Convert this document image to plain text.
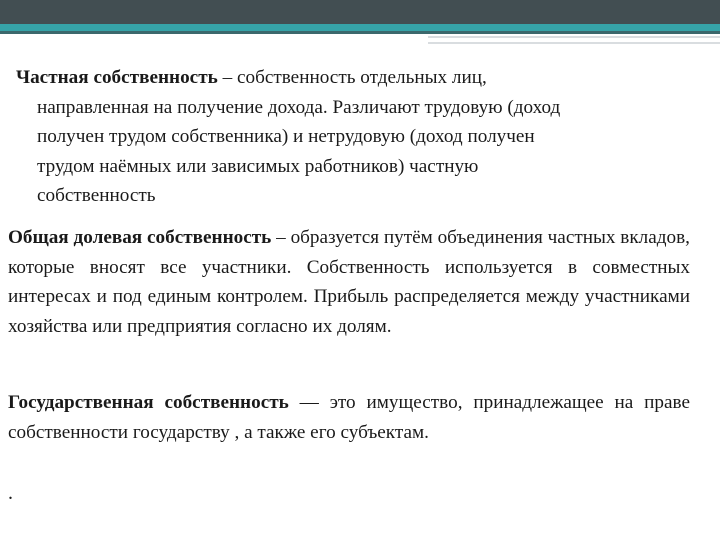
Частная собственность – собственность отдельных лиц,
направленная на получение дохода. Различают трудовую (доход
получен трудом собственника) и нетрудовую (доход получен
трудом наёмных или зависимых работников) частную
собственность

Общая долевая собственность – образуется путём объединения частных вкладов, которые вносят все участники. Собственность используется в совместных интересах и под единым контролем. Прибыль распределяется между участниками хозяйства или предприятия согласно их долям.

Государственная собственность — это имущество, принадлежащее на праве собственности государству , а также его субъектам.

.
